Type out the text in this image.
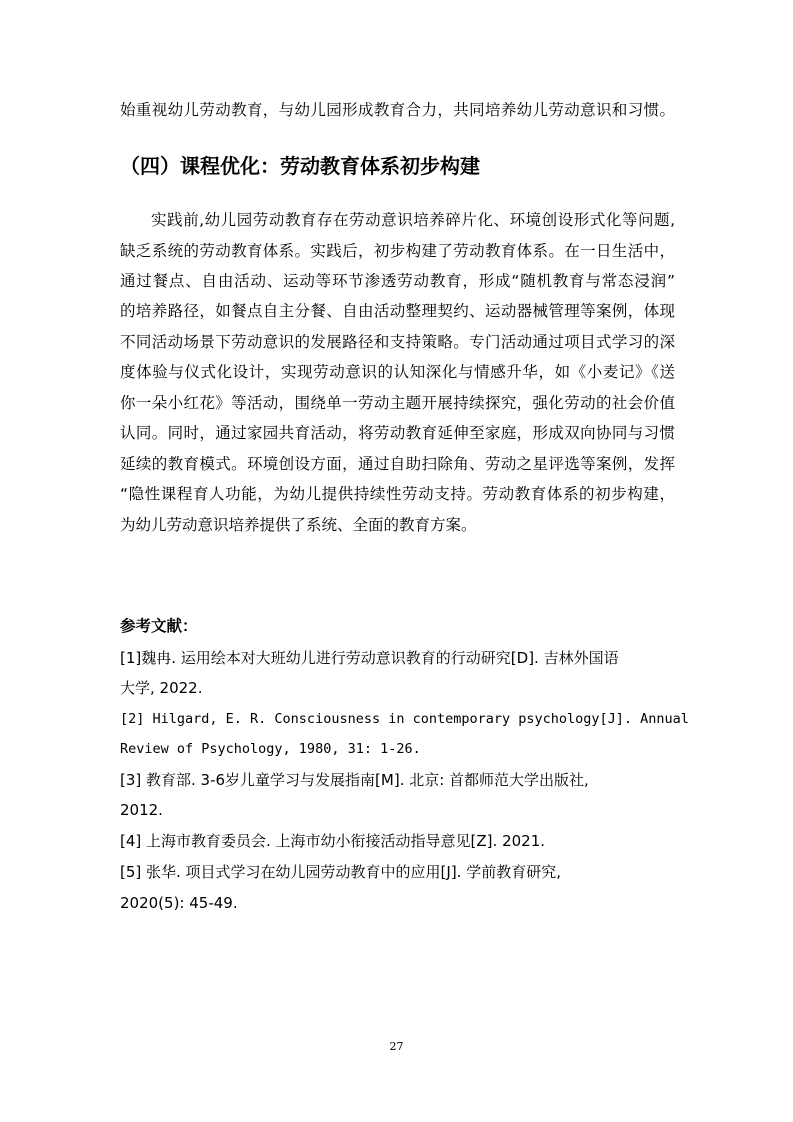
始重视幼儿劳动教育，与幼儿园形成教育合力，共同培养幼儿劳动意识和习惯。
（四）课程优化：劳动教育体系初步构建
实践前,幼儿园劳动教育存在劳动意识培养碎片化、环境创设形式化等问题,
缺乏系统的劳动教育体系。实践后，初步构建了劳动教育体系。在一日生活中，
通过餐点、自由活动、运动等环节渗透劳动教育，形成“随机教育与常态浸润”
的培养路径，如餐点自主分餐、自由活动整理契约、运动器械管理等案例，体现
不同活动场景下劳动意识的发展路径和支持策略。专门活动通过项目式学习的深
度体验与仪式化设计，实现劳动意识的认知深化与情感升华，如《小麦记》《送
你一朵小红花》等活动，围绕单一劳动主题开展持续探究，强化劳动的社会价值
认同。同时，通过家园共育活动，将劳动教育延伸至家庭，形成双向协同与习惯
延续的教育模式。环境创设方面，通过自助扫除角、劳动之星评选等案例，发挥
“隐性课程育人功能，为幼儿提供持续性劳动支持。劳动教育体系的初步构建，
为幼儿劳动意识培养提供了系统、全面的教育方案。
参考文献：
[1]魏冉. 运用绘本对大班幼儿进行劳动意识教育的行动研究[D]. 吉林外国语
大学, 2022.
[2] Hilgard, E. R. Consciousness in contemporary psychology[J]. Annual
Review of Psychology, 1980, 31: 1-26.
[3] 教育部. 3-6岁儿童学习与发展指南[M]. 北京: 首都师范大学出版社,
2012.
[4] 上海市教育委员会. 上海市幼小衔接活动指导意见[Z]. 2021.
[5] 张华. 项目式学习在幼儿园劳动教育中的应用[J]. 学前教育研究,
2020(5): 45-49.
27
